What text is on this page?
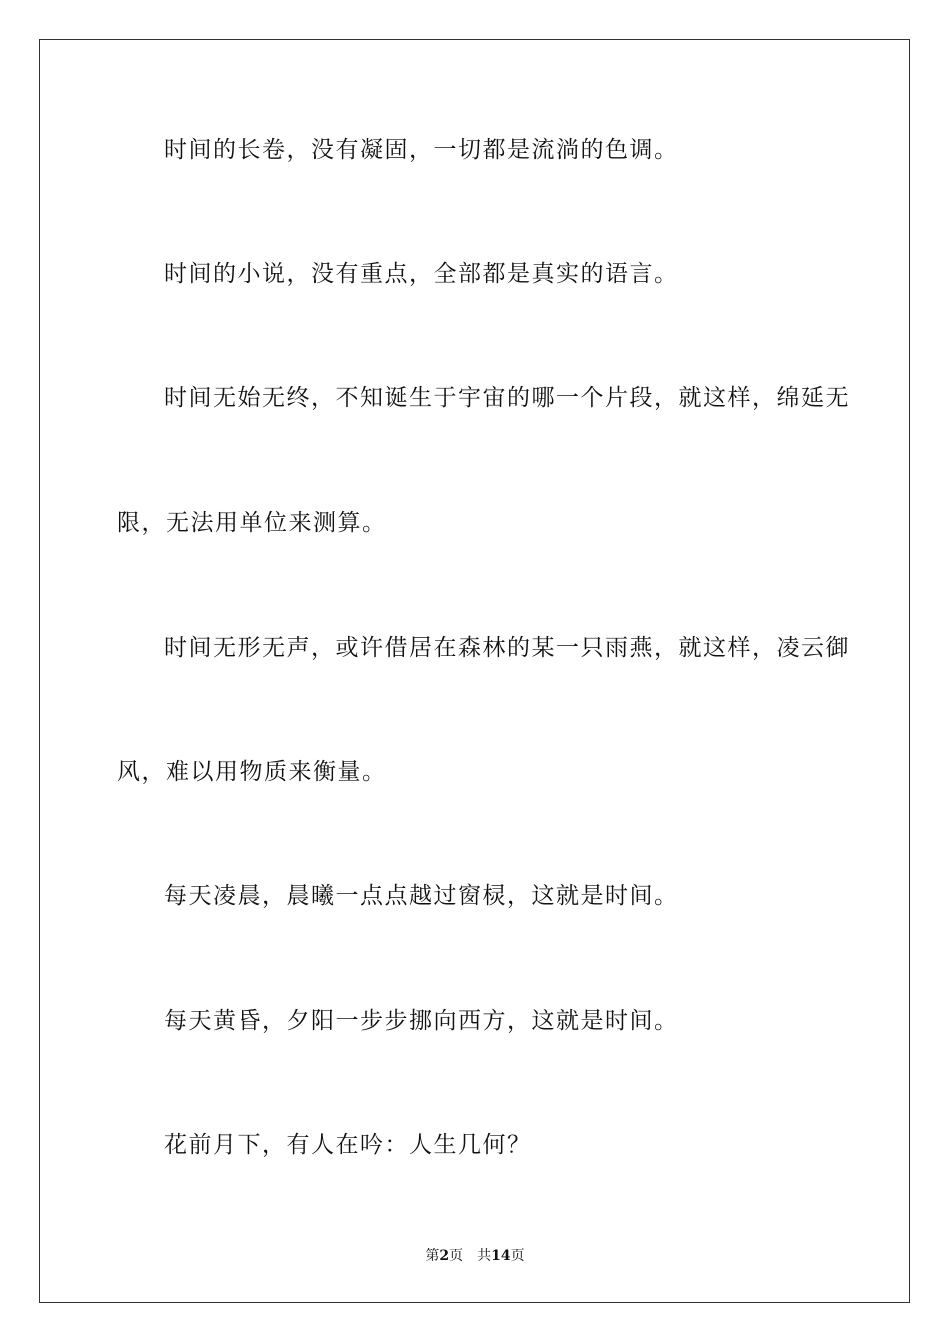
时间的长卷，没有凝固，一切都是流淌的色调。
时间的小说，没有重点，全部都是真实的语言。
时间无始无终，不知诞生于宇宙的哪一个片段，就这样，绵延无
限，无法用单位来测算。
时间无形无声，或许借居在森林的某一只雨燕，就这样，凌云御
风，难以用物质来衡量。
每天凌晨，晨曦一点点越过窗棂，这就是时间。
每天黄昏，夕阳一步步挪向西方，这就是时间。
花前月下，有人在吟：人生几何？
第2页 共14页
